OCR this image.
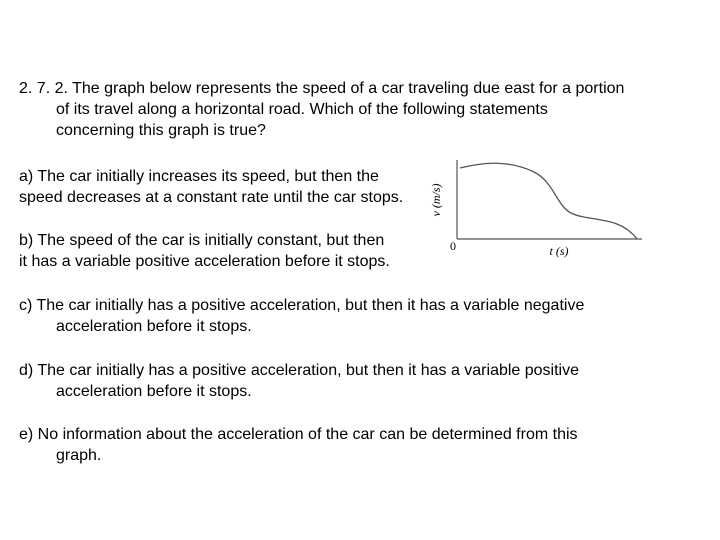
2. 7. 2. The graph below represents the speed of a car traveling due east for a portion
of its travel along a horizontal road. Which of the following statements
concerning this graph is true?
a) The car initially increases its speed, but then the
speed decreases at a constant rate until the car stops.
b) The speed of the car is initially constant, but then
it has a variable positive acceleration before it stops.
c) The car initially has a positive acceleration, but then it has a variable negative
acceleration before it stops.
d) The car initially has a positive acceleration, but then it has a variable positive
acceleration before it stops.
e) No information about the acceleration of the car can be determined from this
graph.
v (m/s)
0	t (s)
